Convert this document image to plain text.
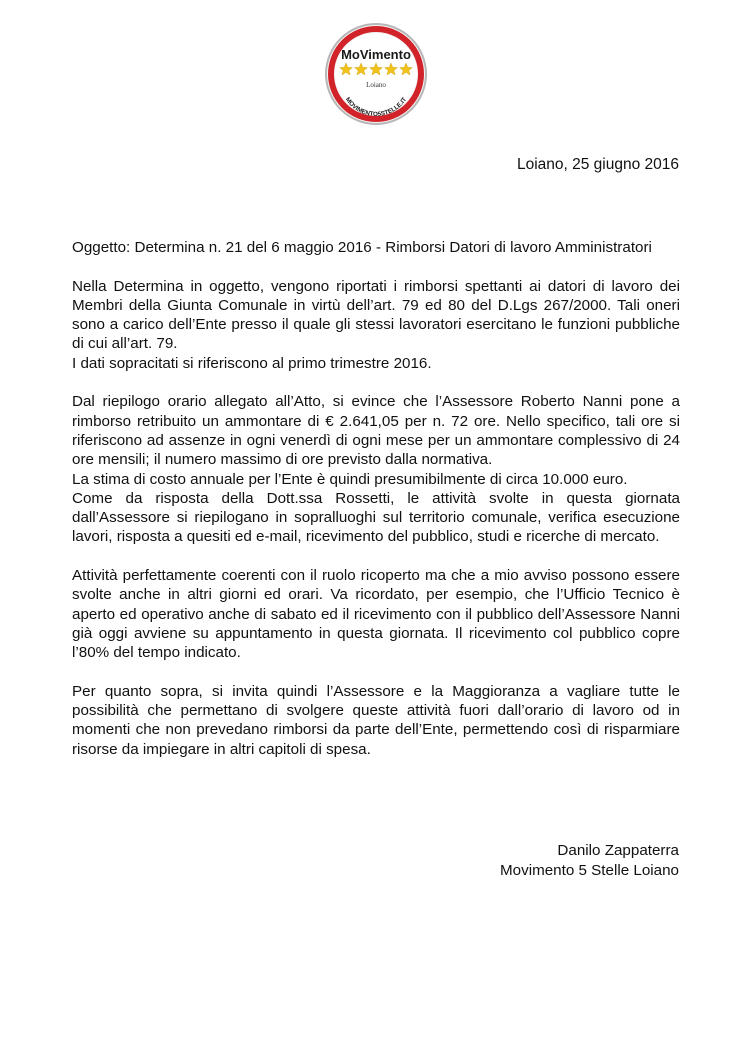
MoVimento
Loiano
MOVIMENTO5STELLE.IT
Loiano, 25 giugno 2016

Oggetto: Determina n. 21 del 6 maggio 2016 - Rimborsi Datori di lavoro Amministratori

Nella Determina in oggetto, vengono riportati i rimborsi spettanti ai datori di lavoro dei Membri della Giunta Comunale in virtù dell’art. 79 ed 80 del D.Lgs 267/2000. Tali oneri sono a carico dell’Ente presso il quale gli stessi lavoratori esercitano le funzioni pubbliche di cui all’art. 79.

I dati sopracitati si riferiscono al primo trimestre 2016.

Dal riepilogo orario allegato all’Atto, si evince che l’Assessore Roberto Nanni pone a rimborso retribuito un ammontare di € 2.641,05 per n. 72 ore. Nello specifico, tali ore si riferiscono ad assenze in ogni venerdì di ogni mese per un ammontare complessivo di 24 ore mensili; il numero massimo di ore previsto dalla normativa.

La stima di costo annuale per l’Ente è quindi presumibilmente di circa 10.000 euro.

Come da risposta della Dott.ssa Rossetti, le attività svolte in questa giornata dall’Assessore si riepilogano in sopralluoghi sul territorio comunale, verifica esecuzione lavori, risposta a quesiti ed e-mail, ricevimento del pubblico, studi e ricerche di mercato.

Attività perfettamente coerenti con il ruolo ricoperto ma che a mio avviso possono essere svolte anche in altri giorni ed orari. Va ricordato, per esempio, che l’Ufficio Tecnico è aperto ed operativo anche di sabato ed il ricevimento con il pubblico dell’Assessore Nanni già oggi avviene su appuntamento in questa giornata. Il ricevimento col pubblico copre l’80% del tempo indicato.

Per quanto sopra, si invita quindi l’Assessore e la Maggioranza a vagliare tutte le possibilità che permettano di svolgere queste attività fuori dall’orario di lavoro od in momenti che non prevedano rimborsi da parte dell’Ente, permettendo così di risparmiare risorse da impiegare in altri capitoli di spesa.

Danilo Zappaterra
Movimento 5 Stelle Loiano
